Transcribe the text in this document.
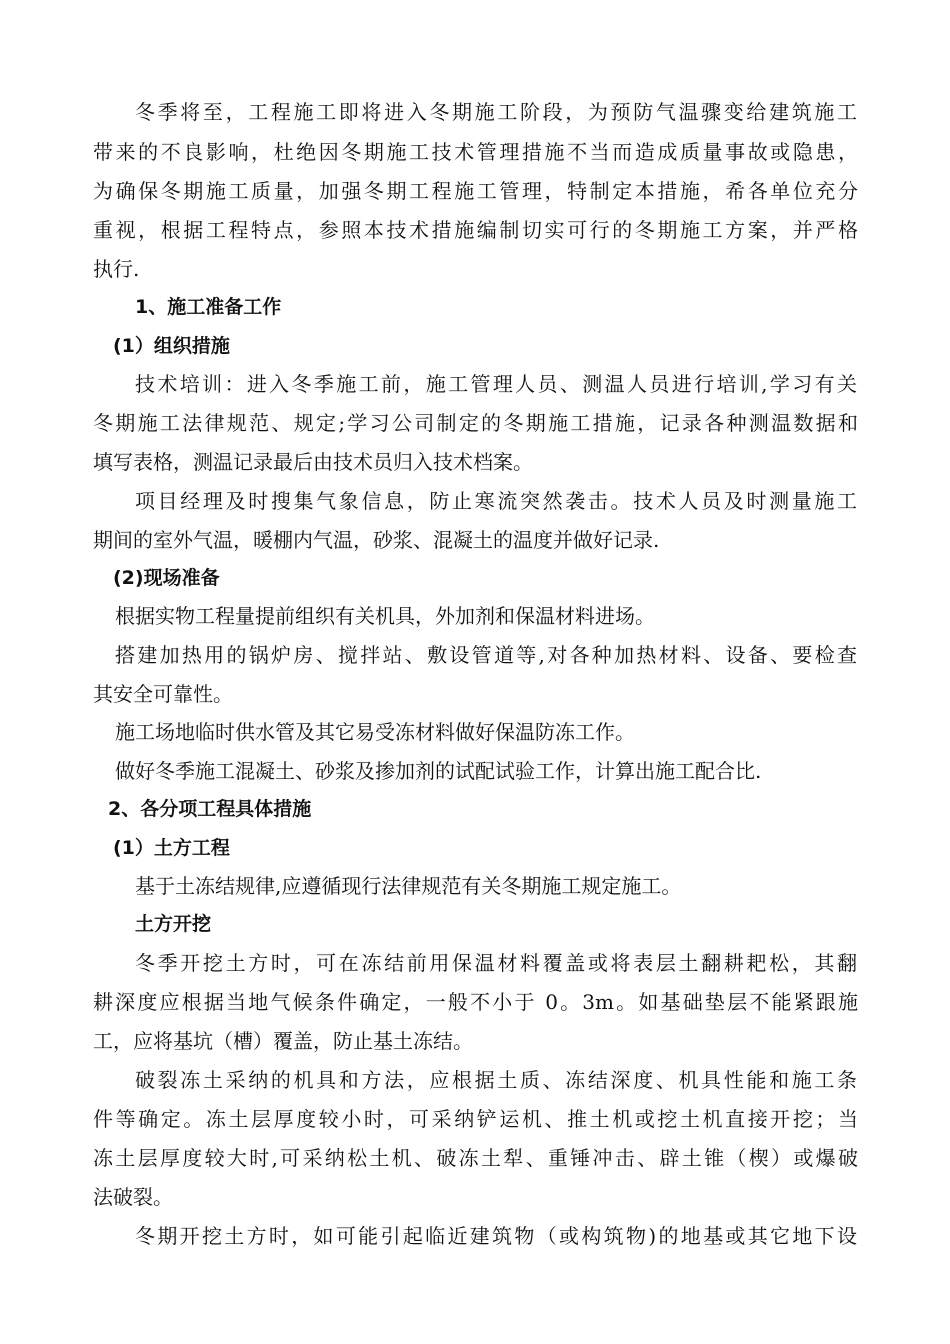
冬季将至，工程施工即将进入冬期施工阶段，为预防气温骤变给建筑施工
带来的不良影响，杜绝因冬期施工技术管理措施不当而造成质量事故或隐患，
为确保冬期施工质量，加强冬期工程施工管理，特制定本措施，希各单位充分
重视，根据工程特点，参照本技术措施编制切实可行的冬期施工方案，并严格
执行.
1、施工准备工作
(1）组织措施
技术培训：进入冬季施工前，施工管理人员、测温人员进行培训,学习有关
冬期施工法律规范、规定;学习公司制定的冬期施工措施，记录各种测温数据和
填写表格，测温记录最后由技术员归入技术档案。
项目经理及时搜集气象信息，防止寒流突然袭击。技术人员及时测量施工
期间的室外气温，暖棚内气温，砂浆、混凝土的温度并做好记录.
(2)现场准备
根据实物工程量提前组织有关机具，外加剂和保温材料进场。
搭建加热用的锅炉房、搅拌站、敷设管道等,对各种加热材料、设备、要检查
其安全可靠性。
施工场地临时供水管及其它易受冻材料做好保温防冻工作。
做好冬季施工混凝土、砂浆及掺加剂的试配试验工作，计算出施工配合比.
2、各分项工程具体措施
(1）土方工程
基于土冻结规律,应遵循现行法律规范有关冬期施工规定施工。
土方开挖
冬季开挖土方时，可在冻结前用保温材料覆盖或将表层土翻耕耙松，其翻
耕深度应根据当地气候条件确定，一般不小于 0。3m。如基础垫层不能紧跟施
工，应将基坑（槽）覆盖，防止基土冻结。
破裂冻土采纳的机具和方法，应根据土质、冻结深度、机具性能和施工条
件等确定。冻土层厚度较小时，可采纳铲运机、推土机或挖土机直接开挖；当
冻土层厚度较大时,可采纳松土机、破冻土犁、重锤冲击、辟土锥（楔）或爆破
法破裂。
冬期开挖土方时，如可能引起临近建筑物（或构筑物)的地基或其它地下设
